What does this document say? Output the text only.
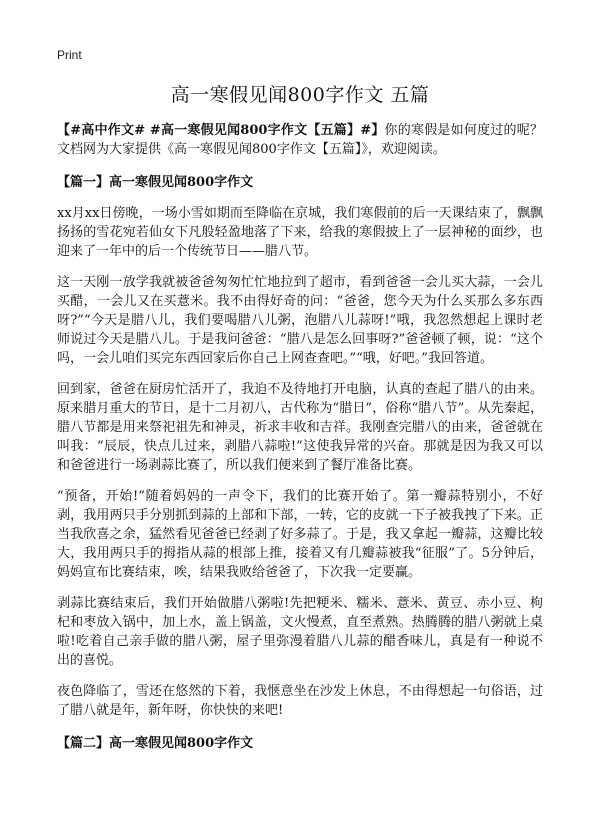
Print
高一寒假见闻800字作文 五篇

【#高中作文# #高一寒假见闻800字作文【五篇】#】你的寒假是如何度过的呢？文档网为大家提供《高一寒假见闻800字作文【五篇】》，欢迎阅读。

【篇一】高一寒假见闻800字作文

xx月xx日傍晚，一场小雪如期而至降临在京城，我们寒假前的后一天课结束了，飘飘扬扬的雪花宛若仙女下凡般轻盈地落了下来，给我的寒假披上了一层神秘的面纱，也迎来了一年中的后一个传统节日——腊八节。

这一天刚一放学我就被爸爸匆匆忙忙地拉到了超市，看到爸爸一会儿买大蒜，一会儿买醋，一会儿又在买薏米。我不由得好奇的问：“爸爸，您今天为什么买那么多东西呀?”“今天是腊八儿，我们要喝腊八儿粥，泡腊八儿蒜呀!”哦，我忽然想起上课时老师说过今天是腊八儿。于是我问爸爸：“腊八是怎么回事呀?”爸爸顿了顿，说：“这个吗，一会儿咱们买完东西回家后你自己上网查查吧。”“哦，好吧。”我回答道。

回到家，爸爸在厨房忙活开了，我迫不及待地打开电脑，认真的查起了腊八的由来。原来腊月重大的节日，是十二月初八，古代称为“腊日”，俗称“腊八节”。从先秦起，腊八节都是用来祭祀祖先和神灵，祈求丰收和吉祥。我刚查完腊八的由来，爸爸就在叫我：“辰辰，快点儿过来，剥腊八蒜啦!”这使我异常的兴奋。那就是因为我又可以和爸爸进行一场剥蒜比赛了，所以我们便来到了餐厅准备比赛。

“预备，开始!”随着妈妈的一声令下，我们的比赛开始了。第一瓣蒜特别小，不好剥，我用两只手分别抓到蒜的上部和下部，一转，它的皮就一下子被我拽了下来。正当我欣喜之余，猛然看见爸爸已经剥了好多蒜了。于是，我又拿起一瓣蒜，这瓣比较大，我用两只手的拇指从蒜的根部上推，接着又有几瓣蒜被我“征服”了。5分钟后，妈妈宣布比赛结束，唉，结果我败给爸爸了，下次我一定要赢。

剥蒜比赛结束后，我们开始做腊八粥啦!先把粳米、糯米、薏米、黄豆、赤小豆、枸杞和枣放入锅中，加上水，盖上锅盖，文火慢煮，直至煮熟。热腾腾的腊八粥就上桌啦!吃着自己亲手做的腊八粥，屋子里弥漫着腊八儿蒜的醋香味儿，真是有一种说不出的喜悦。

夜色降临了，雪还在悠然的下着，我惬意坐在沙发上休息，不由得想起一句俗语，过了腊八就是年，新年呀，你快快的来吧!

【篇二】高一寒假见闻800字作文
